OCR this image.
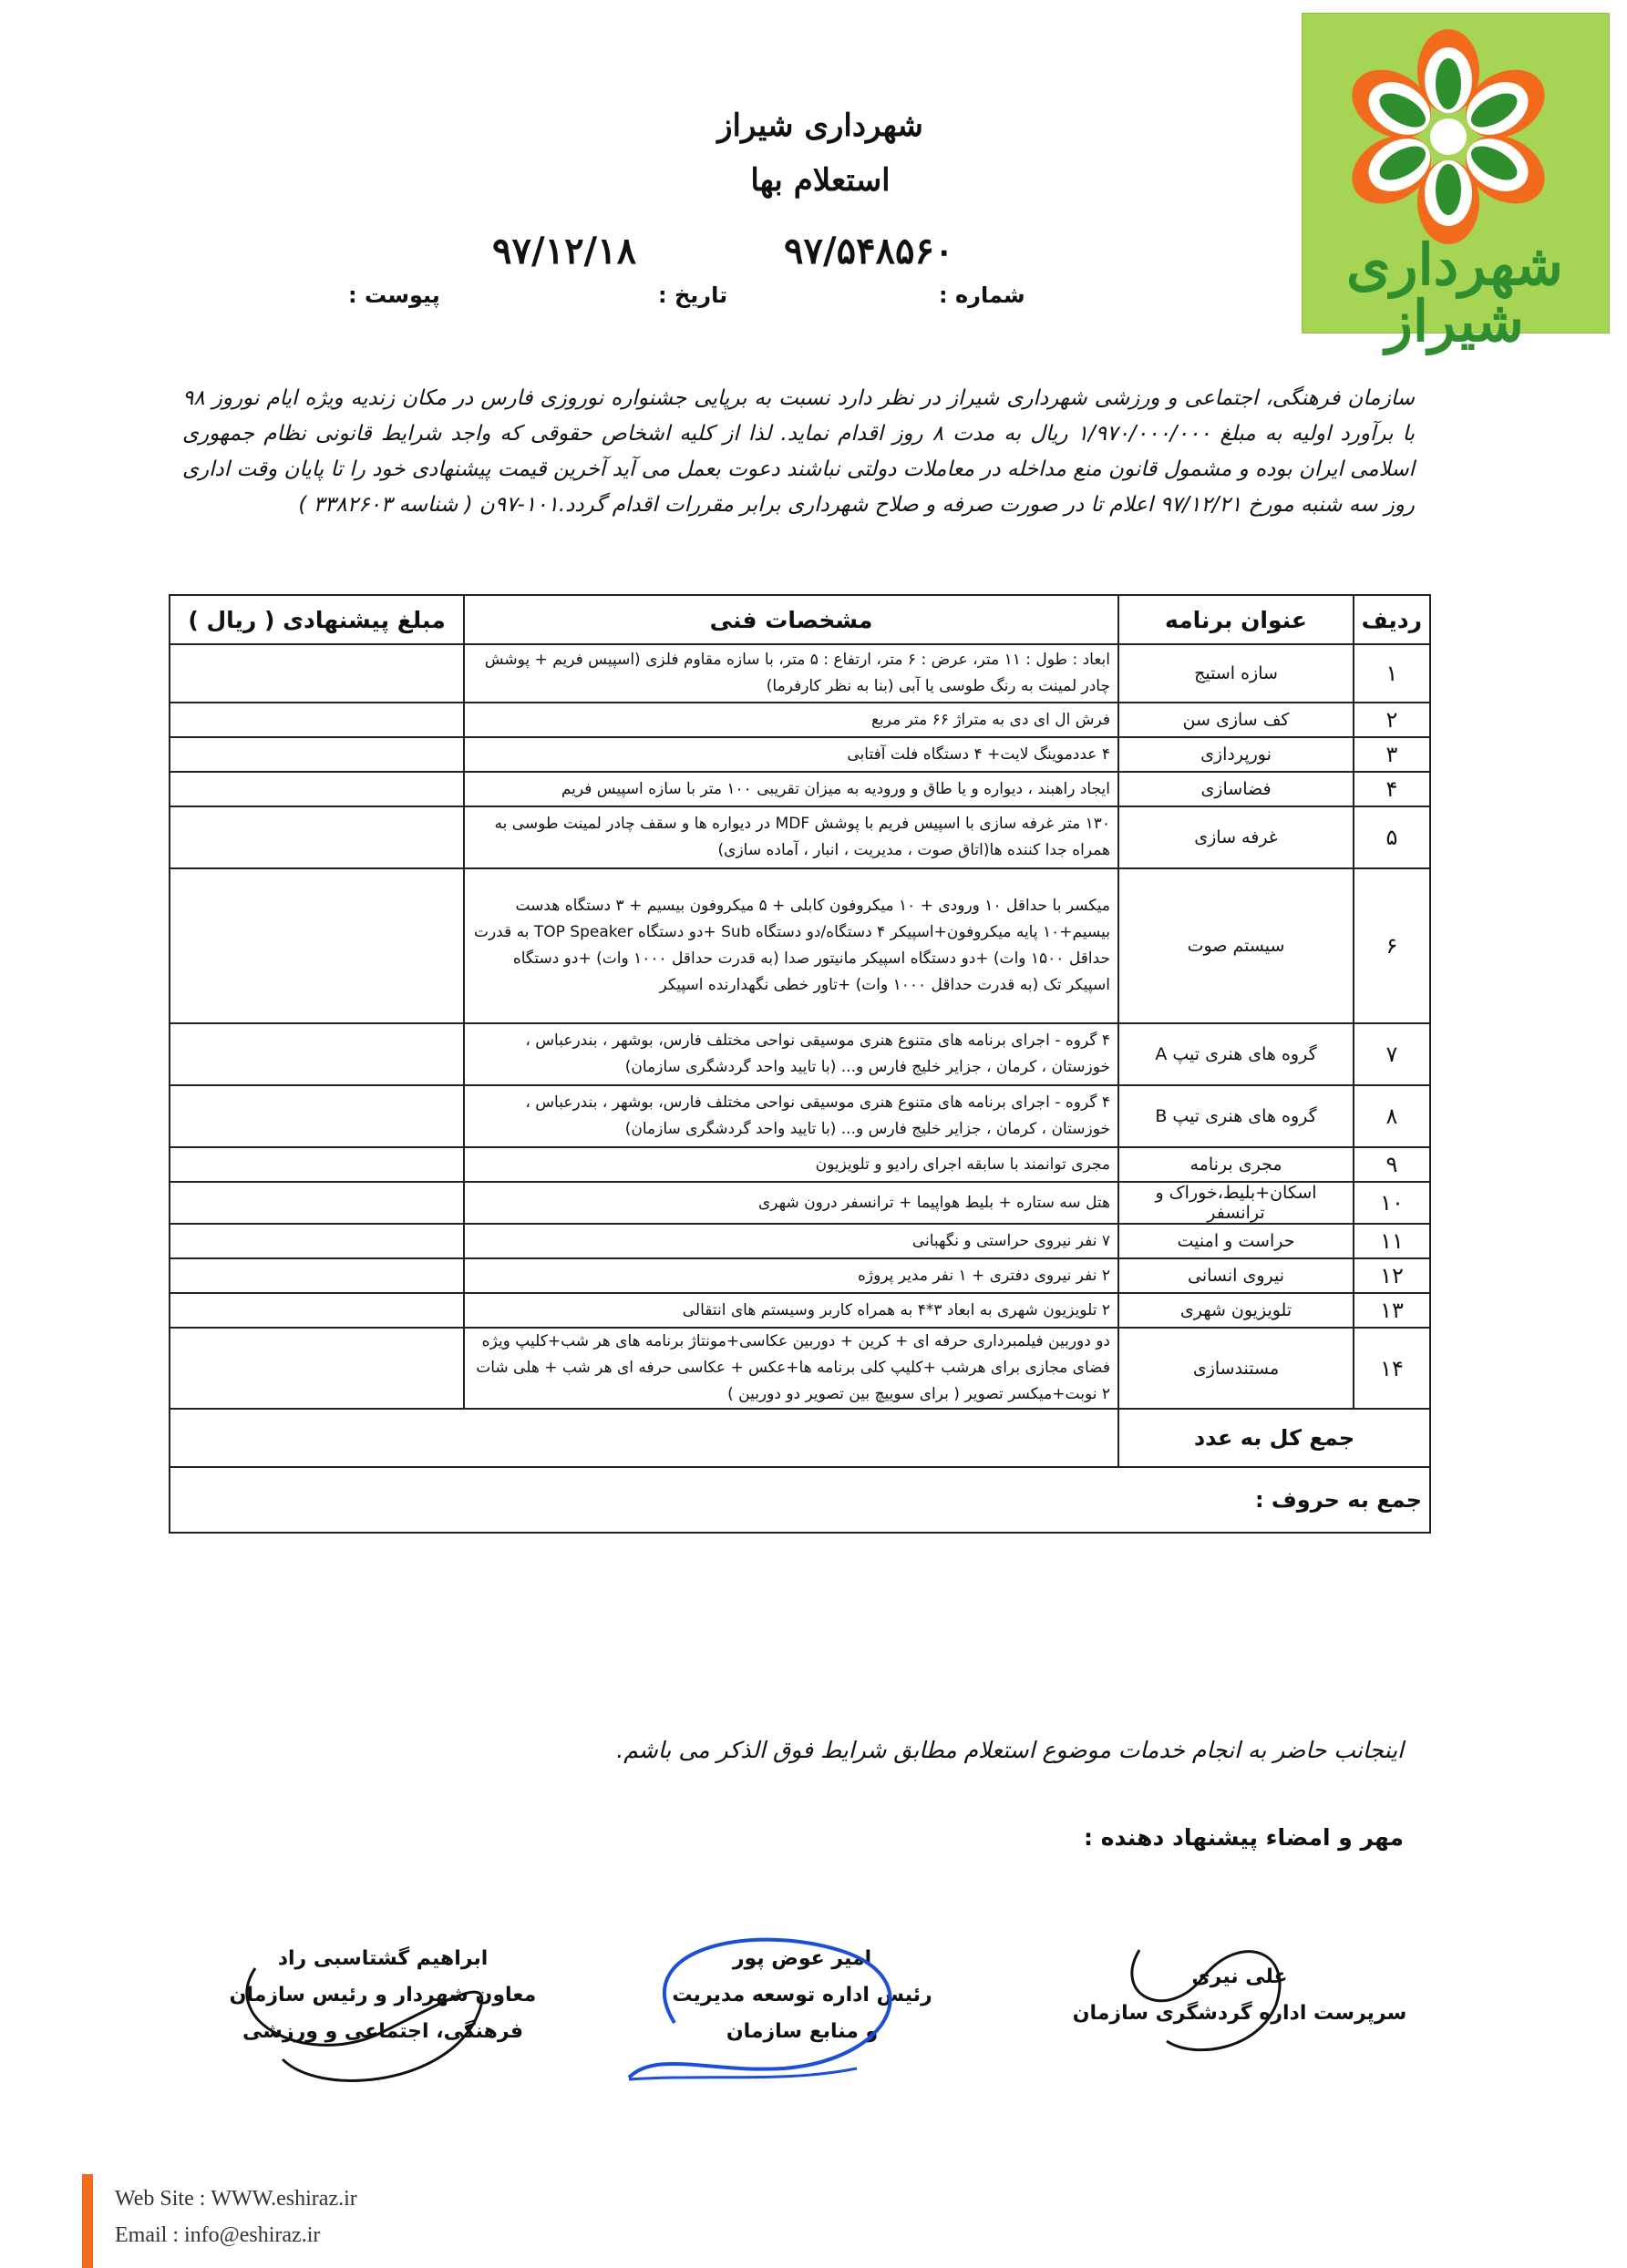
شهرداری شیراز
شهرداری شیراز
استعلام بها
۹۷/۱۲/۱۸	۹۷/۵۴۸۵۶۰
شماره :
تاریخ :
پیوست :
سازمان فرهنگی، اجتماعی و ورزشی شهرداری شیراز در نظر دارد نسبت به برپایی جشنواره نوروزی فارس در مکان زندیه ویژه ایام نوروز ۹۸ با برآورد اولیه به مبلغ ۱/۹۷۰/۰۰۰/۰۰۰ ریال به مدت ۸ روز اقدام نماید. لذا از کلیه اشخاص حقوقی که واجد شرایط قانونی نظام جمهوری اسلامی ایران بوده و مشمول قانون منع مداخله در معاملات دولتی نباشند دعوت بعمل می آید آخرین قیمت پیشنهادی خود را تا پایان وقت اداری روز سه شنبه مورخ ۹۷/۱۲/۲۱ اعلام تا در صورت صرفه و صلاح شهرداری برابر مقررات اقدام گردد.۱۰۱-۹۷ن ( شناسه ۳۳۸۲۶۰۳ )
ردیف	عنوان برنامه	مشخصات فنی	مبلغ پیشنهادی ( ریال )
۱	سازه استیج	ابعاد : طول : ۱۱ متر، عرض : ۶ متر، ارتفاع : ۵ متر، با سازه مقاوم فلزی (اسپیس فریم + پوشش چادر لمینت به رنگ طوسی یا آبی (بنا به نظر کارفرما)	
۲	کف سازی سن	فرش ال ای دی به متراژ ۶۶ متر مربع	
۳	نورپردازی	۴ عددموینگ لایت+ ۴ دستگاه فلت آفتابی	
۴	فضاسازی	ایجاد راهبند ، دیواره و یا طاق و ورودیه به میزان تقریبی ۱۰۰ متر با سازه اسپیس فریم	
۵	غرفه سازی	۱۳۰ متر غرفه سازی با اسپیس فریم با پوشش MDF در دیواره ها و سقف چادر لمینت طوسی به همراه جدا کننده ها(اتاق صوت ، مدیریت ، انبار ، آماده سازی)	
۶	سیستم صوت	میکسر با حداقل ۱۰ ورودی + ۱۰ میکروفون کابلی + ۵ میکروفون بیسیم + ۳ دستگاه هدست بیسیم+۱۰ پایه میکروفون+اسپیکر ۴ دستگاه/دو دستگاه Sub +دو دستگاه TOP Speaker به قدرت حداقل ۱۵۰۰ وات) +دو دستگاه اسپیکر مانیتور صدا (به قدرت حداقل ۱۰۰۰ وات) +دو دستگاه اسپیکر تک (به قدرت حداقل ۱۰۰۰ وات) +تاور خطی نگهدارنده اسپیکر	
۷	گروه های هنری تیپ A	۴ گروه - اجرای برنامه های متنوع هنری موسیقی نواحی مختلف فارس، بوشهر ، بندرعباس ، خوزستان ، کرمان ، جزایر خلیج فارس و... (با تایید واحد گردشگری سازمان)	
۸	گروه های هنری تیپ B	۴ گروه - اجرای برنامه های متنوع هنری موسیقی نواحی مختلف فارس، بوشهر ، بندرعباس ، خوزستان ، کرمان ، جزایر خلیج فارس و... (با تایید واحد گردشگری سازمان)	
۹	مجری برنامه	مجری توانمند با سابقه اجرای رادیو و تلویزیون	
۱۰	اسکان+بلیط،خوراک و ترانسفر	هتل سه ستاره + بلیط هواپیما + ترانسفر درون شهری	
۱۱	حراست و امنیت	۷ نفر نیروی حراستی و نگهبانی	
۱۲	نیروی انسانی	۲ نفر نیروی دفتری + ۱ نفر مدیر پروژه	
۱۳	تلویزیون شهری	۲ تلویزیون شهری به ابعاد ۳*۴ به همراه کاربر وسیستم های انتقالی	
۱۴	مستندسازی	دو دوربین فیلمبرداری حرفه ای + کرین + دوربین عکاسی+مونتاژ برنامه های هر شب+کلیپ ویژه فضای مجازی برای هرشب +کلیپ کلی برنامه ها+عکس + عکاسی حرفه ای هر شب + هلی شات ۲ نوبت+میکسر تصویر ( برای سوییچ بین تصویر دو دوربین )	
جمع کل به عدد			
جمع به حروف :			
اینجانب حاضر به انجام خدمات موضوع استعلام مطابق شرایط فوق الذکر می باشم.
مهر و امضاء پیشنهاد دهنده :
ابراهیم گشتاسبی راد
معاون شهردار و رئیس سازمان
فرهنگی، اجتماعی و ورزشی
امیر عوض پور
رئیس اداره توسعه مدیریت
و منابع سازمان
علی نیری
سرپرست اداره گردشگری سازمان
Web Site : WWW.eshiraz.ir
Email : info@eshiraz.ir
